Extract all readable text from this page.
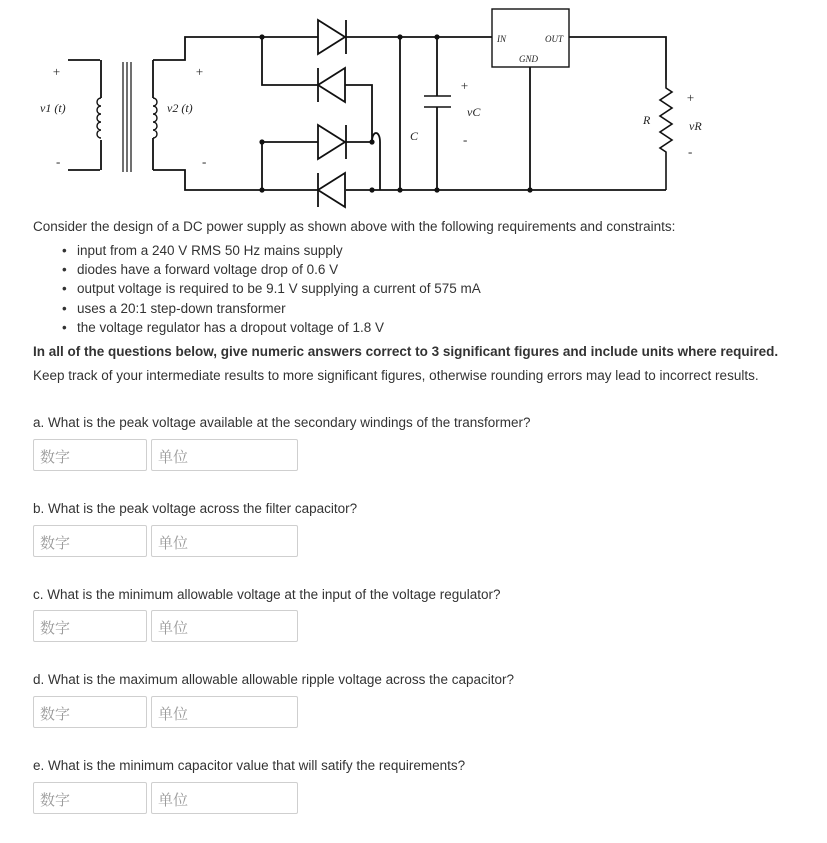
+
v1 (t)
-
+
v2 (t)
-
C
+
vC
-
IN	OUT
GND
R
+
vR
-

Consider the design of a DC power supply as shown above with the following requirements and constraints:

• input from a 240 V RMS 50 Hz mains supply
• diodes have a forward voltage drop of 0.6 V
• output voltage is required to be 9.1 V supplying a current of 575 mA
• uses a 20:1 step-down transformer
• the voltage regulator has a dropout voltage of 1.8 V

In all of the questions below, give numeric answers correct to 3 significant figures and include units where required.

Keep track of your intermediate results to more significant figures, otherwise rounding errors may lead to incorrect results.

a. What is the peak voltage available at the secondary windings of the transformer?

数字	单位

b. What is the peak voltage across the filter capacitor?

数字	单位

c. What is the minimum allowable voltage at the input of the voltage regulator?

数字	单位

d. What is the maximum allowable allowable ripple voltage across the capacitor?

数字	单位

e. What is the minimum capacitor value that will satify the requirements?

数字	单位
